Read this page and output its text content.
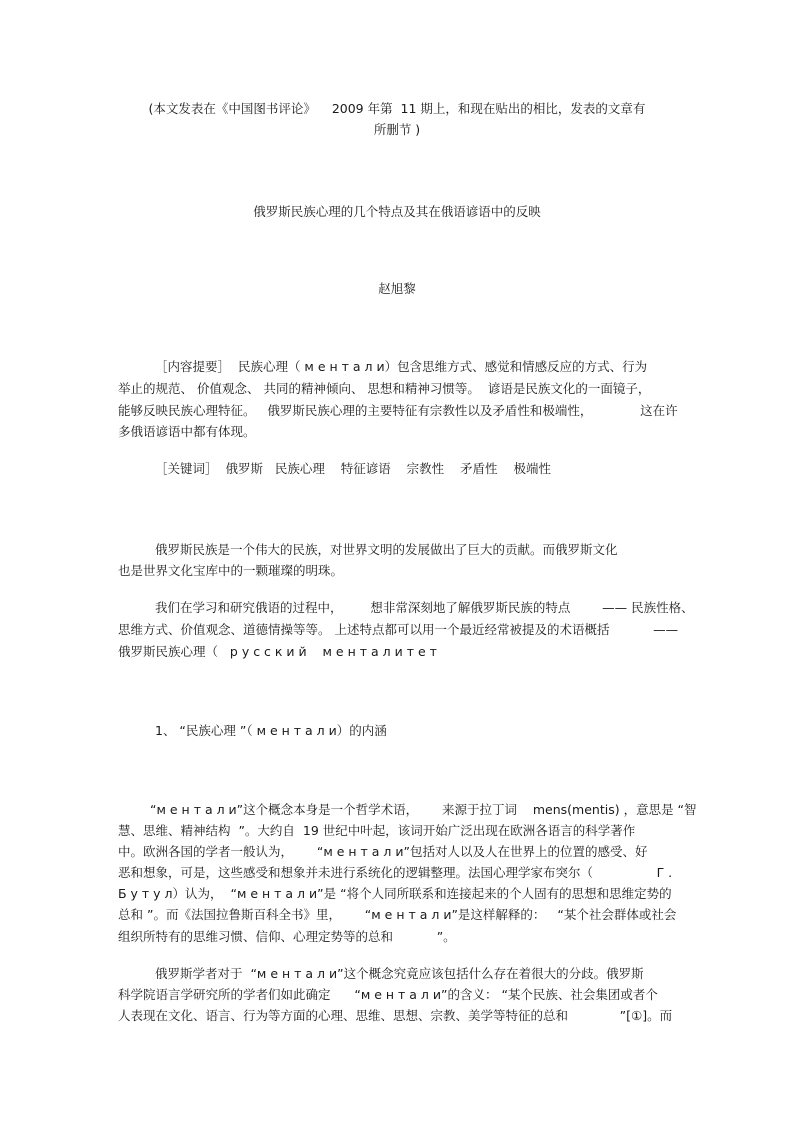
(本文发表在《中国图书评论》    2009 年第  11 期上，和现在贴出的相比，发表的文章有
所删节 )
俄罗斯民族心理的几个特点及其在俄语谚语中的反映
赵旭黎
［内容提要］  民族心理（ м е н т а л и）包含思维方式、感觉和情感反应的方式、行为
举止的规范、 价值观念、 共同的精神倾向、 思想和精神习惯等。  谚语是民族文化的一面镜子，
能够反映民族心理特征。   俄罗斯民族心理的主要特征有宗教性以及矛盾性和极端性，            这在许
多俄语谚语中都有体现。
［关键词］  俄罗斯   民族心理    特征谚语    宗教性    矛盾性    极端性
俄罗斯民族是一个伟大的民族，对世界文明的发展做出了巨大的贡献。而俄罗斯文化
也是世界文化宝库中的一颗璀璨的明珠。
我们在学习和研究俄语的过程中，       想非常深刻地了解俄罗斯民族的特点        —— 民族性格、
思维方式、价值观念、道德情操等等。 上述特点都可以用一个最近经常被提及的术语概括           ——
俄罗斯民族心理（   р у с с к и й    м е н т а л и т е т
1、 “民族心理 ”（ м е н т а л и）的内涵
“м е н т а л и”这个概念本身是一个哲学术语，      来源于拉丁词    mens(mentis) ，意思是 “智
慧、思维、精神结构  ”。大约自  19 世纪中叶起，该词开始广泛出现在欧洲各语言的科学著作
中。欧洲各国的学者一般认为，      “м е н т а л и”包括对人以及人在世界上的位置的感受、好
恶和想象，可是，这些感受和想象并未进行系统化的逻辑整理。法国心理学家布突尔（                Г .
Б у т у л）认为，  “м е н т а л и”是 “将个人同所联系和连接起来的个人固有的思想和思维定势的
总和 ”。而《法国拉鲁斯百科全书》里，      “м е н т а л и”是这样解释的：   “某个社会群体或社会
组织所特有的思维习惯、信仰、心理定势等的总和           ”。
俄罗斯学者对于  “м е н т а л и”这个概念究竟应该包括什么存在着很大的分歧。俄罗斯
科学院语言学研究所的学者们如此确定      “м е н т а л и”的含义： “某个民族、社会集团或者个
人表现在文化、语言、行为等方面的心理、思维、思想、宗教、美学等特征的总和             ”[①]。而
